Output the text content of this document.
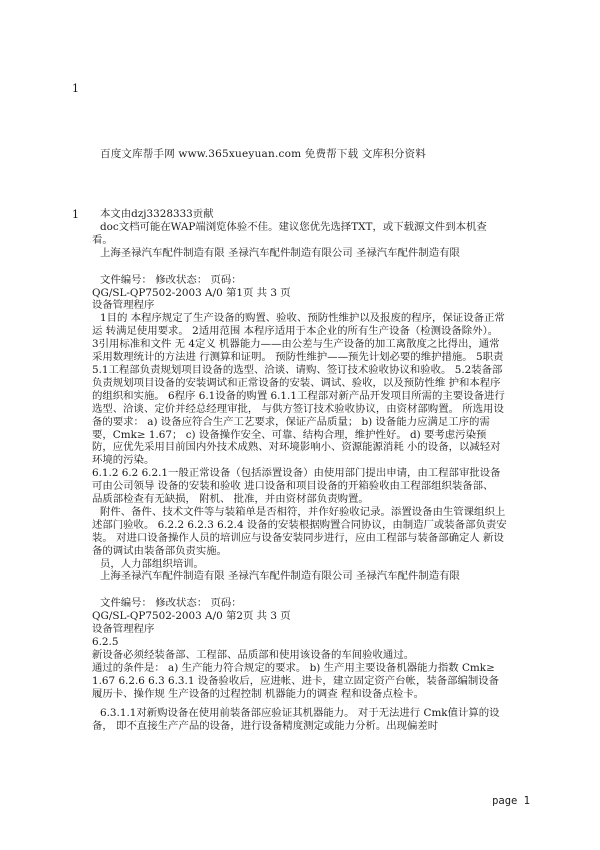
1
百度文库帮手网 www.365xueyuan.com 免费帮下载 文库积分资料
1	本文由dzj3328333贡献

doc文档可能在WAP端浏览体验不佳。建议您优先选择TXT，或下载源文件到本机查看。

上海圣禄汽车配件制造有限 圣禄汽车配件制造有限公司 圣禄汽车配件制造有限

文件编号： 修改状态： 页码：

QG/SL-QP7502-2003 A/0 第1页 共 3 页

设备管理程序

1目的 本程序规定了生产设备的购置、验收、预防性维护以及报废的程序，保证设备正常运 转满足使用要求。 2适用范围 本程序适用于本企业的所有生产设备（检测设备除外）。 3引用标准和文件 无 4定义 机器能力——由公差与生产设备的加工离散度之比得出，通常采用数理统计的方法进 行测算和证明。 预防性维护——预先计划必要的维护措施。 5职责 5.1工程部负责规划项目设备的选型、洽谈、请购、签订技术验收协议和验收。 5.2装备部负责规划项目设备的安装调试和正常设备的安装、调试、验收，以及预防性维 护和本程序的组织和实施。 6程序 6.1设备的购置 6.1.1工程部对新产品开发项目所需的主要设备进行选型、洽谈、定价并经总经理审批， 与供方签订技术验收协议，由资材部购置。 所选用设备的要求： a) 设备应符合生产工艺要求，保证产品质量； b) 设备能力应满足工序的需要，Cmk≥ 1.67； c) 设备操作安全、可靠、结构合理，维护性好。 d) 要考虑污染预防，应优先采用目前国内外技术成熟、对环境影响小、资源能源消耗 小的设备，以减轻对环境的污染。

6.1.2 6.2 6.2.1一般正常设备（包括添置设备）由使用部门提出申请，由工程部审批设备可由公司领导 设备的安装和验收 进口设备和项目设备的开箱验收由工程部组织装备部、 品质部检查有无缺损， 附机、 批准，并由资材部负责购置。

附件、备件、技术文件等与装箱单是否相符，并作好验收记录。添置设备由生管课组织上 述部门验收。 6.2.2 6.2.3 6.2.4 设备的安装根据购置合同协议，由制造厂或装备部负责安装。 对进口设备操作人员的培训应与设备安装同步进行，应由工程部与装备部确定人 新设备的调试由装备部负责实施。

员，人力部组织培训。

上海圣禄汽车配件制造有限 圣禄汽车配件制造有限公司 圣禄汽车配件制造有限

文件编号： 修改状态： 页码：

QG/SL-QP7502-2003 A/0 第2页 共 3 页

设备管理程序

6.2.5

新设备必须经装备部、工程部、品质部和使用该设备的车间验收通过。

通过的条件是： a) 生产能力符合规定的要求。 b) 生产用主要设备机器能力指数 Cmk≥ 1.67 6.2.6 6.3 6.3.1 设备验收后，应进帐、进卡，建立固定资产台帐，装备部编制设备履历卡、操作规 生产设备的过程控制 机器能力的调查 程和设备点检卡。

6.3.1.1对新购设备在使用前装备部应验证其机器能力。 对于无法进行 Cmk值计算的设备， 即不直接生产产品的设备，进行设备精度测定或能力分析。出现偏差时

page 1
